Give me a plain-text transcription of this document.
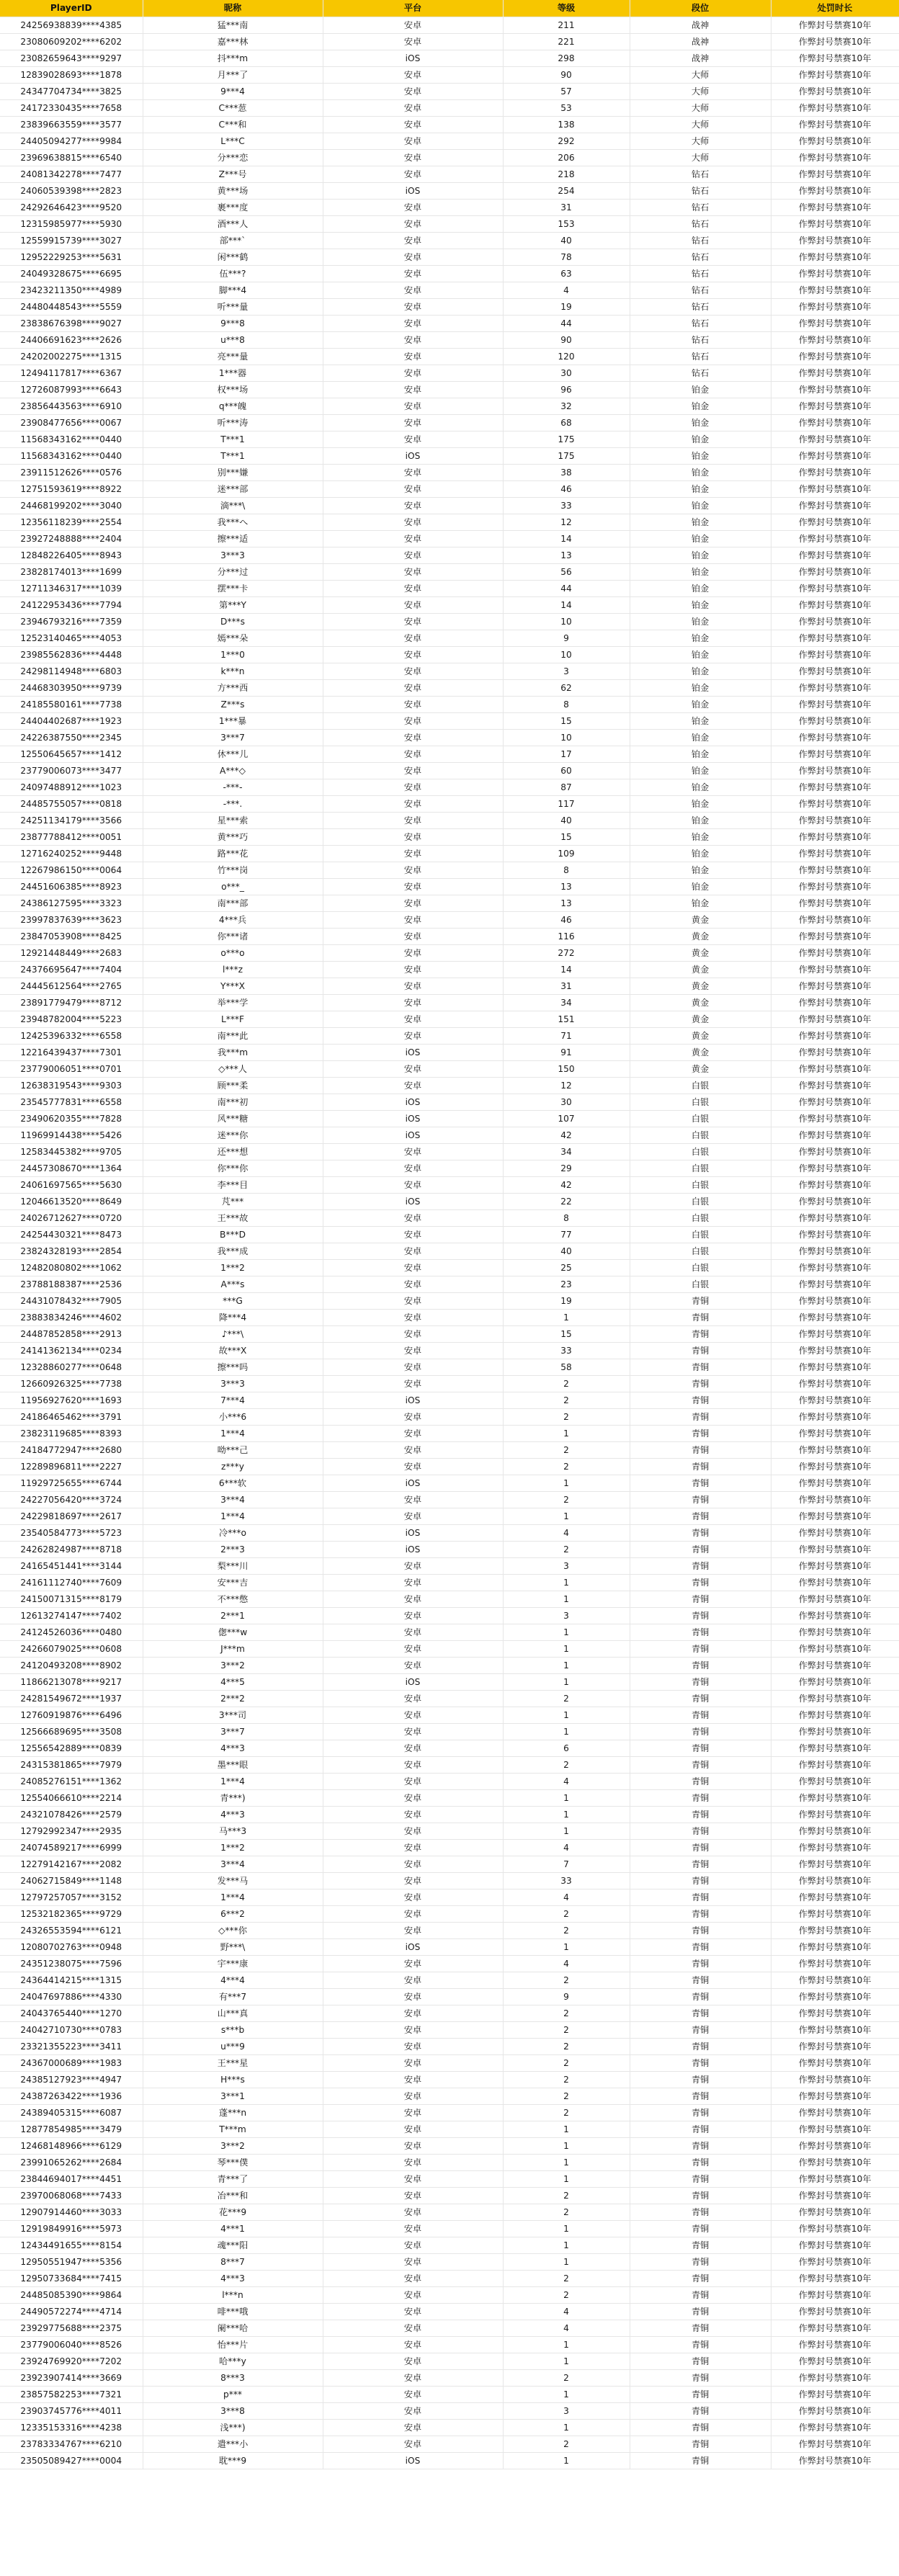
PlayerID	昵称	平台	等级	段位	处罚时长
24256938839****4385	猛***南	安卓	211	战神	作弊封号禁赛10年
23080609202****6202	嘉***林	安卓	221	战神	作弊封号禁赛10年
23082659643****9297	抖***m	iOS	298	战神	作弊封号禁赛10年
12839028693****1878	月***了	安卓	90	大师	作弊封号禁赛10年
24347704734****3825	9***4	安卓	57	大师	作弊封号禁赛10年
24172330435****7658	C***䓤	安卓	53	大师	作弊封号禁赛10年
23839663559****3577	C***和	安卓	138	大师	作弊封号禁赛10年
24405094277****9984	L***C	安卓	292	大师	作弊封号禁赛10年
23969638815****6540	分***恋	安卓	206	大师	作弊封号禁赛10年
24081342278****7477	Z***号	安卓	218	钻石	作弊封号禁赛10年
24060539398****2823	黄***场	iOS	254	钻石	作弊封号禁赛10年
24292646423****9520	裹***度	安卓	31	钻石	作弊封号禁赛10年
12315985977****5930	酒***人	安卓	153	钻石	作弊封号禁赛10年
12559915739****3027	部***`	安卓	40	钻石	作弊封号禁赛10年
12952229253****5631	闲***鹤	安卓	78	钻石	作弊封号禁赛10年
24049328675****6695	伍***?	安卓	63	钻石	作弊封号禁赛10年
23423211350****4989	脚***4	安卓	4	钻石	作弊封号禁赛10年
24480448543****5559	听***量	安卓	19	钻石	作弊封号禁赛10年
23838676398****9027	9***8	安卓	44	钻石	作弊封号禁赛10年
24406691623****2626	u***8	安卓	90	钻石	作弊封号禁赛10年
24202002275****1315	亮***量	安卓	120	钻石	作弊封号禁赛10年
12494117817****6367	1***器	安卓	30	钻石	作弊封号禁赛10年
12726087993****6643	权***场	安卓	96	铂金	作弊封号禁赛10年
23856443563****6910	q***魄	安卓	32	铂金	作弊封号禁赛10年
23908477656****0067	听***涛	安卓	68	铂金	作弊封号禁赛10年
11568343162****0440	T***1	安卓	175	铂金	作弊封号禁赛10年
11568343162****0440	T***1	iOS	175	铂金	作弊封号禁赛10年
23911512626****0576	别***嫌	安卓	38	铂金	作弊封号禁赛10年
12751593619****8922	迷***部	安卓	46	铂金	作弊封号禁赛10年
24468199202****3040	滴***\	安卓	33	铂金	作弊封号禁赛10年
12356118239****2554	我***へ	安卓	12	铂金	作弊封号禁赛10年
23927248888****2404	擦***适	安卓	14	铂金	作弊封号禁赛10年
12848226405****8943	3***3	安卓	13	铂金	作弊封号禁赛10年
23828174013****1699	分***过	安卓	56	铂金	作弊封号禁赛10年
12711346317****1039	摆***卡	安卓	44	铂金	作弊封号禁赛10年
24122953436****7794	第***Y	安卓	14	铂金	作弊封号禁赛10年
23946793216****7359	D***s	安卓	10	铂金	作弊封号禁赛10年
12523140465****4053	嫣***朵	安卓	9	铂金	作弊封号禁赛10年
23985562836****4448	1***0	安卓	10	铂金	作弊封号禁赛10年
24298114948****6803	k***n	安卓	3	铂金	作弊封号禁赛10年
24468303950****9739	方***西	安卓	62	铂金	作弊封号禁赛10年
24185580161****7738	Z***s	安卓	8	铂金	作弊封号禁赛10年
24404402687****1923	1***暴	安卓	15	铂金	作弊封号禁赛10年
24226387550****2345	3***7	安卓	10	铂金	作弊封号禁赛10年
12550645657****1412	休***儿	安卓	17	铂金	作弊封号禁赛10年
23779006073****3477	A***◇	安卓	60	铂金	作弊封号禁赛10年
24097488912****1023	-***-	安卓	87	铂金	作弊封号禁赛10年
24485755057****0818	-***.	安卓	117	铂金	作弊封号禁赛10年
24251134179****3566	星***索	安卓	40	铂金	作弊封号禁赛10年
23877788412****0051	黄***巧	安卓	15	铂金	作弊封号禁赛10年
12716240252****9448	路***花	安卓	109	铂金	作弊封号禁赛10年
12267986150****0064	竹***岗	安卓	8	铂金	作弊封号禁赛10年
24451606385****8923	o***_	安卓	13	铂金	作弊封号禁赛10年
24386127595****3323	南***部	安卓	13	铂金	作弊封号禁赛10年
23997837639****3623	4***兵	安卓	46	黄金	作弊封号禁赛10年
23847053908****8425	你***诸	安卓	116	黄金	作弊封号禁赛10年
12921448449****2683	o***o	安卓	272	黄金	作弊封号禁赛10年
24376695647****7404	l***z	安卓	14	黄金	作弊封号禁赛10年
24445612564****2765	Y***X	安卓	31	黄金	作弊封号禁赛10年
23891779479****8712	举***学	安卓	34	黄金	作弊封号禁赛10年
23948782004****5223	L***F	安卓	151	黄金	作弊封号禁赛10年
12425396332****6558	南***此	安卓	71	黄金	作弊封号禁赛10年
12216439437****7301	我***m	iOS	91	黄金	作弊封号禁赛10年
23779006051****0701	◇***人	安卓	150	黄金	作弊封号禁赛10年
12638319543****9303	顾***柔	安卓	12	白银	作弊封号禁赛10年
23545777831****6558	南***初	iOS	30	白银	作弊封号禁赛10年
23490620355****7828	风***糖	iOS	107	白银	作弊封号禁赛10年
11969914438****5426	迷***你	iOS	42	白银	作弊封号禁赛10年
12583445382****9705	还***想	安卓	34	白银	作弊封号禁赛10年
24457308670****1364	你***你	安卓	29	白银	作弊封号禁赛10年
24061697565****5630	李***目	安卓	42	白银	作弊封号禁赛10年
12046613520****8649	芃***	iOS	22	白银	作弊封号禁赛10年
24026712627****0720	王***故	安卓	8	白银	作弊封号禁赛10年
24254430321****8473	B***D	安卓	77	白银	作弊封号禁赛10年
23824328193****2854	我***成	安卓	40	白银	作弊封号禁赛10年
12482080802****1062	1***2	安卓	25	白银	作弊封号禁赛10年
23788188387****2536	A***s	安卓	23	白银	作弊封号禁赛10年
24431078432****7905	***G	安卓	19	青铜	作弊封号禁赛10年
23883834246****4602	降***4	安卓	1	青铜	作弊封号禁赛10年
24487852858****2913	♪***\	安卓	15	青铜	作弊封号禁赛10年
24141362134****0234	故***X	安卓	33	青铜	作弊封号禁赛10年
12328860277****0648	擦***吗	安卓	58	青铜	作弊封号禁赛10年
12660926325****7738	3***3	安卓	2	青铜	作弊封号禁赛10年
11956927620****1693	7***4	iOS	2	青铜	作弊封号禁赛10年
24186465462****3791	小***6	安卓	2	青铜	作弊封号禁赛10年
23823119685****8393	1***4	安卓	1	青铜	作弊封号禁赛10年
24184772947****2680	呦***己	安卓	2	青铜	作弊封号禁赛10年
12289896811****2227	z***y	安卓	2	青铜	作弊封号禁赛10年
11929725655****6744	6***软	iOS	1	青铜	作弊封号禁赛10年
24227056420****3724	3***4	安卓	2	青铜	作弊封号禁赛10年
24229818697****2617	1***4	安卓	1	青铜	作弊封号禁赛10年
23540584773****5723	冷***o	iOS	4	青铜	作弊封号禁赛10年
24262824987****8718	2***3	iOS	2	青铜	作弊封号禁赛10年
24165451441****3144	梨***川	安卓	3	青铜	作弊封号禁赛10年
24161112740****7609	安***吉	安卓	1	青铜	作弊封号禁赛10年
24150071315****8179	不***憋	安卓	1	青铜	作弊封号禁赛10年
12613274147****7402	2***1	安卓	3	青铜	作弊封号禁赛10年
24124526036****0480	偬***w	安卓	1	青铜	作弊封号禁赛10年
24266079025****0608	J***m	安卓	1	青铜	作弊封号禁赛10年
24120493208****8902	3***2	安卓	1	青铜	作弊封号禁赛10年
11866213078****9217	4***5	iOS	1	青铜	作弊封号禁赛10年
24281549672****1937	2***2	安卓	2	青铜	作弊封号禁赛10年
12760919876****6496	3***司	安卓	1	青铜	作弊封号禁赛10年
12566689695****3508	3***7	安卓	1	青铜	作弊封号禁赛10年
12556542889****0839	4***3	安卓	6	青铜	作弊封号禁赛10年
24315381865****7979	墨***眼	安卓	2	青铜	作弊封号禁赛10年
24085276151****1362	1***4	安卓	4	青铜	作弊封号禁赛10年
12554066610****2214	青***)	安卓	1	青铜	作弊封号禁赛10年
24321078426****2579	4***3	安卓	1	青铜	作弊封号禁赛10年
12792992347****2935	马***3	安卓	1	青铜	作弊封号禁赛10年
24074589217****6999	1***2	安卓	4	青铜	作弊封号禁赛10年
12279142167****2082	3***4	安卓	7	青铜	作弊封号禁赛10年
24062715849****1148	发***马	安卓	33	青铜	作弊封号禁赛10年
12797257057****3152	1***4	安卓	4	青铜	作弊封号禁赛10年
12532182365****9729	6***2	安卓	2	青铜	作弊封号禁赛10年
24326553594****6121	◇***你	安卓	2	青铜	作弊封号禁赛10年
12080702763****0948	野***\	iOS	1	青铜	作弊封号禁赛10年
24351238075****7596	宇***康	安卓	4	青铜	作弊封号禁赛10年
24364414215****1315	4***4	安卓	2	青铜	作弊封号禁赛10年
24047697886****4330	有***7	安卓	9	青铜	作弊封号禁赛10年
24043765440****1270	山***真	安卓	2	青铜	作弊封号禁赛10年
24042710730****0783	s***b	安卓	2	青铜	作弊封号禁赛10年
23321355223****3411	u***9	安卓	2	青铜	作弊封号禁赛10年
24367000689****1983	王***星	安卓	2	青铜	作弊封号禁赛10年
24385127923****4947	H***s	安卓	2	青铜	作弊封号禁赛10年
24387263422****1936	3***1	安卓	2	青铜	作弊封号禁赛10年
24389405315****6087	蓬***n	安卓	2	青铜	作弊封号禁赛10年
12877854985****3479	T***m	安卓	1	青铜	作弊封号禁赛10年
12468148966****6129	3***2	安卓	1	青铜	作弊封号禁赛10年
23991065262****2684	琴***僕	安卓	1	青铜	作弊封号禁赛10年
23844694017****4451	青***了	安卓	1	青铜	作弊封号禁赛10年
23970068068****7433	冶***和	安卓	2	青铜	作弊封号禁赛10年
12907914460****3033	花***9	安卓	2	青铜	作弊封号禁赛10年
12919849916****5973	4***1	安卓	1	青铜	作弊封号禁赛10年
12434491655****8154	魂***阳	安卓	1	青铜	作弊封号禁赛10年
12950551947****5356	8***7	安卓	1	青铜	作弊封号禁赛10年
12950733684****7415	4***3	安卓	2	青铜	作弊封号禁赛10年
24485085390****9864	l***n	安卓	2	青铜	作弊封号禁赛10年
24490572274****4714	啡***哦	安卓	4	青铜	作弊封号禁赛10年
23929775688****2375	阑***哈	安卓	4	青铜	作弊封号禁赛10年
23779006040****8526	怡***片	安卓	1	青铜	作弊封号禁赛10年
23924769920****7202	哈***y	安卓	1	青铜	作弊封号禁赛10年
23923907414****3669	8***3	安卓	2	青铜	作弊封号禁赛10年
23857582253****7321	p***	安卓	1	青铜	作弊封号禁赛10年
23903745776****4011	3***8	安卓	3	青铜	作弊封号禁赛10年
12335153316****4238	浅***)	安卓	1	青铜	作弊封号禁赛10年
23783334767****6210	遣***小	安卓	2	青铜	作弊封号禁赛10年
23505089427****0004	耽***9	iOS	1	青铜	作弊封号禁赛10年
